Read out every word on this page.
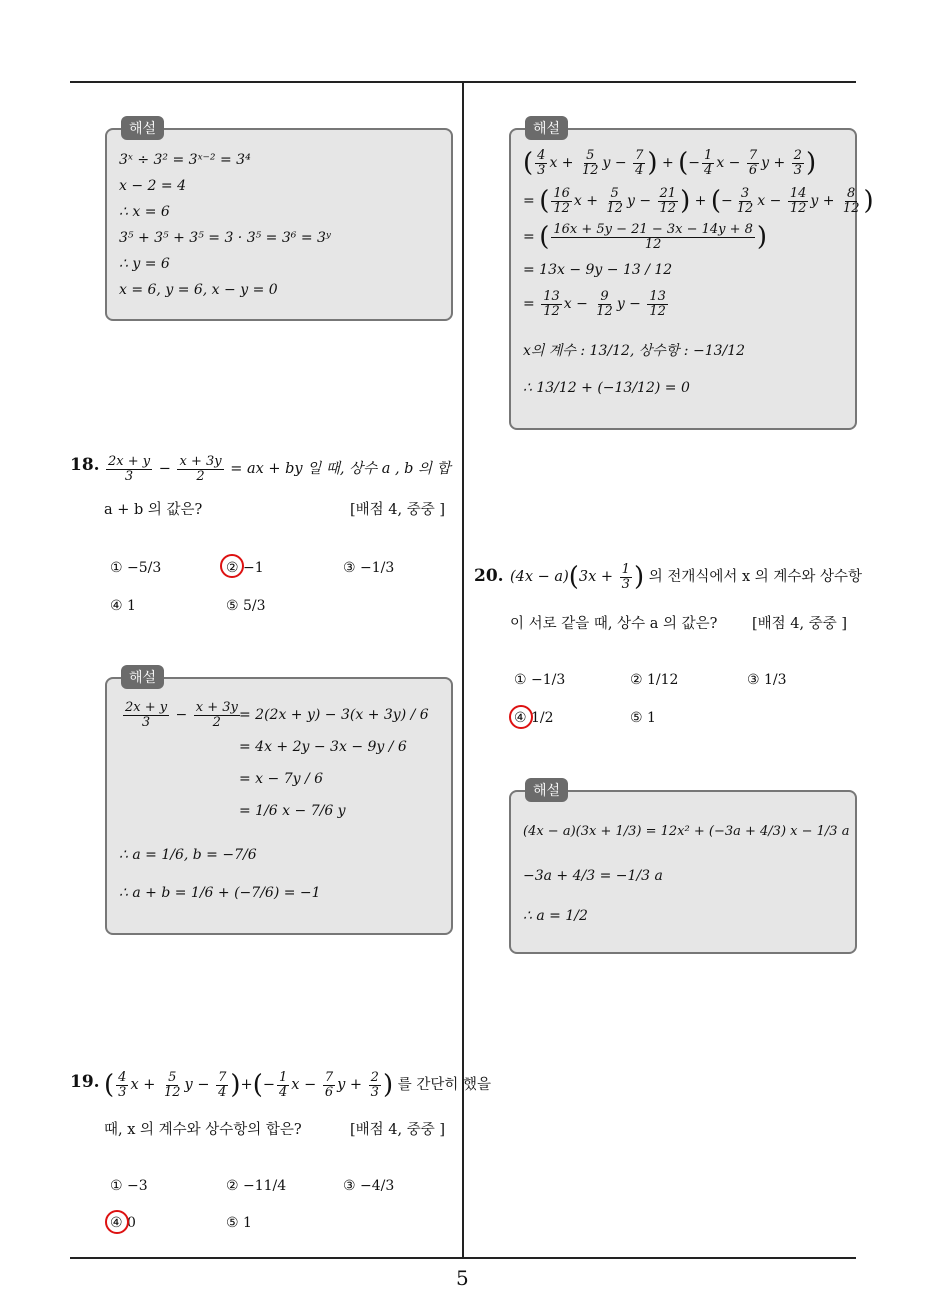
5
해설
3ˣ ÷ 3² = 3ˣ⁻² = 3⁴
x − 2 = 4
∴ x = 6
3⁵ + 3⁵ + 3⁵ = 3 · 3⁵ = 3⁶ = 3ʸ
∴ y = 6
x = 6, y = 6, x − y = 0
18. $\frac{2x + y}{3} - \frac{x + 3y}{2}$ = ax + by 일 때, 상수 a , b 의 합
a + b 의 값은?	[배점 4, 중중 ]
① −5/3	② −1	③ −1/3
④ 1	⑤ 5/3
해설
$\frac{2x + y}{3} - \frac{x + 3y}{2} = 2(2x + y) - 3(x + 3y) / 6$
= 4x + 2y − 3x − 9y / 6
= x − 7y / 6
= 1/6 x − 7/6 y
∴ a = 1/6, b = −7/6
∴ a + b = 1/6 + (−7/6) = −1
19. ( $\frac{4}{3}$ $x + \frac{5}{12}$ $y - \frac{7}{4}$ )+(− $\frac{1}{4}$ $x - \frac{7}{6}$ $y + \frac{2}{3}$ ) 를 간단히 했을
때, x 의 계수와 상수항의 합은?	[배점 4, 중중 ]
① −3	② −11/4	③ −4/3
④ 0	⑤ 1
해설
( $\frac{4}{3}$ $x + \frac{5}{12}$ $y - \frac{7}{4}$ ) + (− $\frac{1}{4}$ $x - \frac{7}{6}$ $y + \frac{2}{3}$ )
= ( $\frac{16}{12}$ $x + \frac{5}{12}$ $y - \frac{21}{12}$ ) + (− $\frac{3}{12}$ $x - \frac{14}{12}$ $y + \frac{8}{12}$ )
= ( $\frac{16x + 5y - 21 - 3x - 14y + 8}{12}$ )
= 13x − 9y − 13 / 12
= $\frac{13}{12}$ $x - \frac{9}{12}$ $y - \frac{13}{12}$
x의 계수 : 13/12, 상수항 : −13/12
∴ 13/12 + (−13/12) = 0
20. $(4x - a)(3x + \frac{1}{3}$ ) 의 전개식에서 x 의 계수와 상수항
이 서로 같을 때, 상수 a 의 값은? [배점 4, 중중 ]
① −1/3	② 1/12	③ 1/3
④ 1/2	⑤ 1
해설
(4x − a)(3x + 1/3) = 12x² + (−3a + 4/3) x − 1/3 a
−3a + 4/3 = −1/3 a
∴ a = 1/2
